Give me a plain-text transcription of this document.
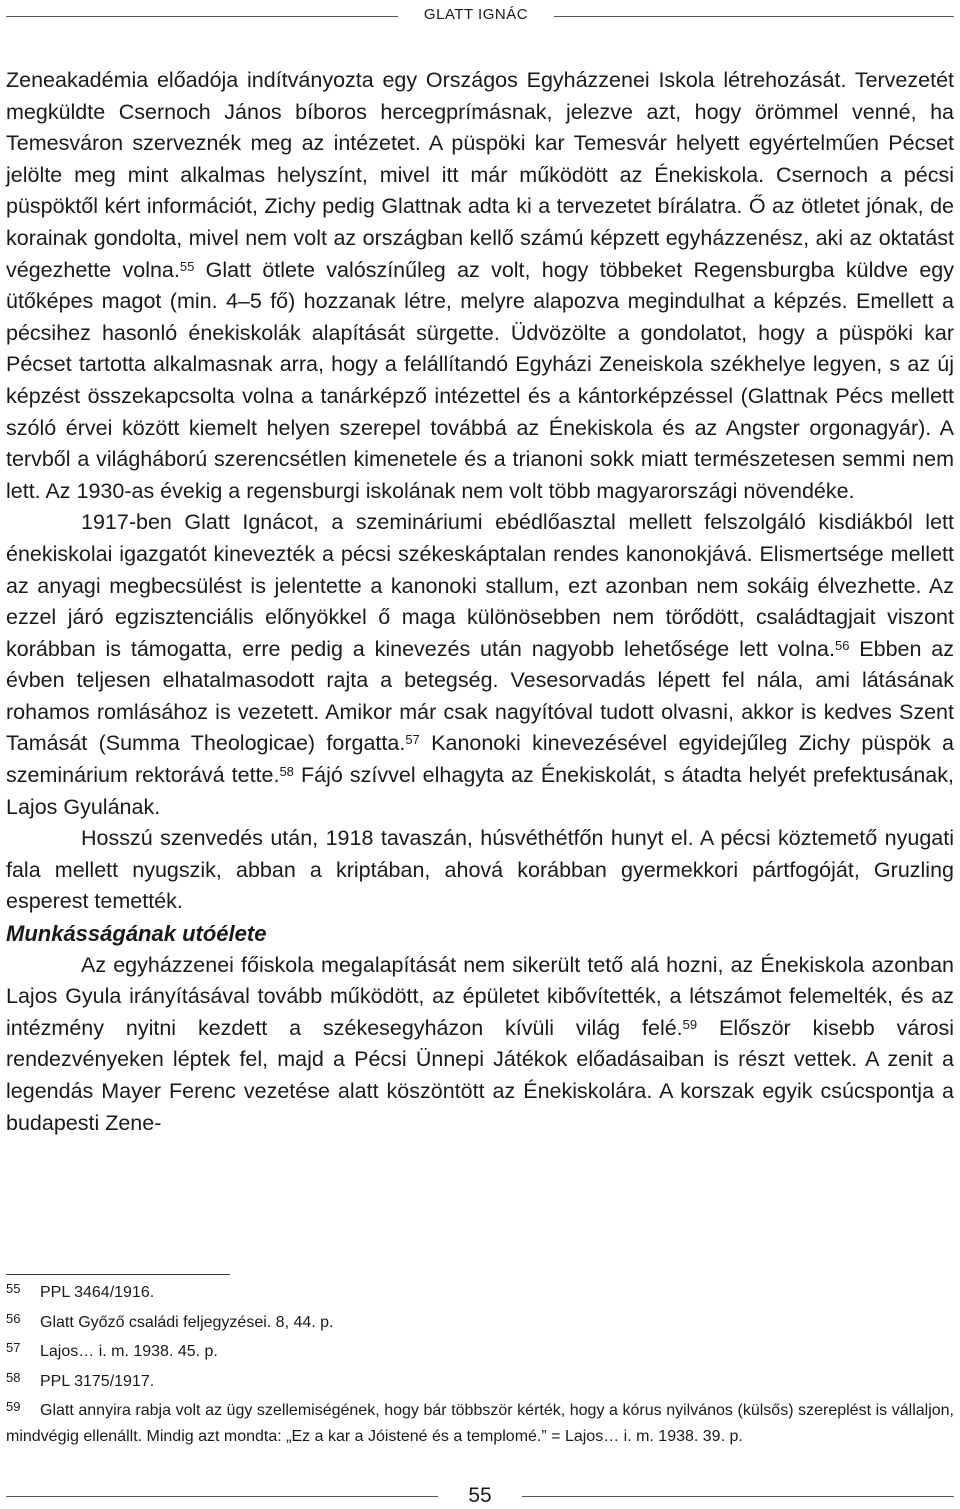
GLATT IGNÁC

Zeneakadémia előadója indítványozta egy Országos Egyházzenei Iskola létrehozását. Tervezetét megküldte Csernoch János bíboros hercegprímásnak, jelezve azt, hogy örömmel venné, ha Temesváron szerveznék meg az intézetet. A püspöki kar Temesvár helyett egyértelműen Pécset jelölte meg mint alkalmas helyszínt, mivel itt már működött az Énekiskola. Csernoch a pécsi püspöktől kért információt, Zichy pedig Glattnak adta ki a tervezetet bírálatra. Ő az ötletet jónak, de korainak gondolta, mivel nem volt az országban kellő számú képzett egyházzenész, aki az oktatást végezhette volna.$^{55}$ Glatt ötlete valószínűleg az volt, hogy többeket Regensburgba küldve egy ütőképes magot (min. 4–5 fő) hozzanak létre, melyre alapozva megindulhat a képzés. Emellett a pécsihez hasonló énekiskolák alapítását sürgette. Üdvözölte a gondolatot, hogy a püspöki kar Pécset tartotta alkalmasnak arra, hogy a felállítandó Egyházi Zeneiskola székhelye legyen, s az új képzést összekapcsolta volna a tanárképző intézettel és a kántorképzéssel (Glattnak Pécs mellett szóló érvei között kiemelt helyen szerepel továbbá az Énekiskola és az Angster orgonagyár). A tervből a világháború szerencsétlen kimenetele és a trianoni sokk miatt természetesen semmi nem lett. Az 1930-as évekig a regensburgi iskolának nem volt több magyarországi növendéke.

1917-ben Glatt Ignácot, a szemináriumi ebédlőasztal mellett felszolgáló kisdiákból lett énekiskolai igazgatót kinevezték a pécsi székeskáptalan rendes kanonokjává. Elismertsége mellett az anyagi megbecsülést is jelentette a kanonoki stallum, ezt azonban nem sokáig élvezhette. Az ezzel járó egzisztenciális előnyökkel ő maga különösebben nem törődött, családtagjait viszont korábban is támogatta, erre pedig a kinevezés után nagyobb lehetősége lett volna.$^{56}$ Ebben az évben teljesen elhatalmasodott rajta a betegség. Vesesorvadás lépett fel nála, ami látásának rohamos romlásához is vezetett. Amikor már csak nagyítóval tudott olvasni, akkor is kedves Szent Tamását (Summa Theologicae) forgatta.$^{57}$ Kanonoki kinevezésével egyidejűleg Zichy püspök a szeminárium rektorává tette.$^{58}$ Fájó szívvel elhagyta az Énekiskolát, s átadta helyét prefektusának, Lajos Gyulának.

Hosszú szenvedés után, 1918 tavaszán, húsvéthétfőn hunyt el. A pécsi köztemető nyugati fala mellett nyugszik, abban a kriptában, ahová korábban gyermekkori pártfogóját, Gruzling esperest temették.

Munkásságának utóélete

Az egyházzenei főiskola megalapítását nem sikerült tető alá hozni, az Énekiskola azonban Lajos Gyula irányításával tovább működött, az épületet kibővítették, a létszámot felemelték, és az intézmény nyitni kezdett a székesegyházon kívüli világ felé.$^{59}$ Először kisebb városi rendezvényeken léptek fel, majd a Pécsi Ünnepi Játékok előadásaiban is részt vettek. A zenit a legendás Mayer Ferenc vezetése alatt köszöntött az Énekiskolára. A korszak egyik csúcspontja a budapesti Zene-

55 PPL 3464/1916.

56 Glatt Győző családi feljegyzései. 8, 44. p.

57 Lajos… i. m. 1938. 45. p.

58 PPL 3175/1917.

59 Glatt annyira rabja volt az ügy szellemiségének, hogy bár többször kérték, hogy a kórus nyilvános (külsős) szereplést is vállaljon, mindvégig ellenállt. Mindig azt mondta: „Ez a kar a Jóistené és a templomé.” = Lajos… i. m. 1938. 39. p.

55
